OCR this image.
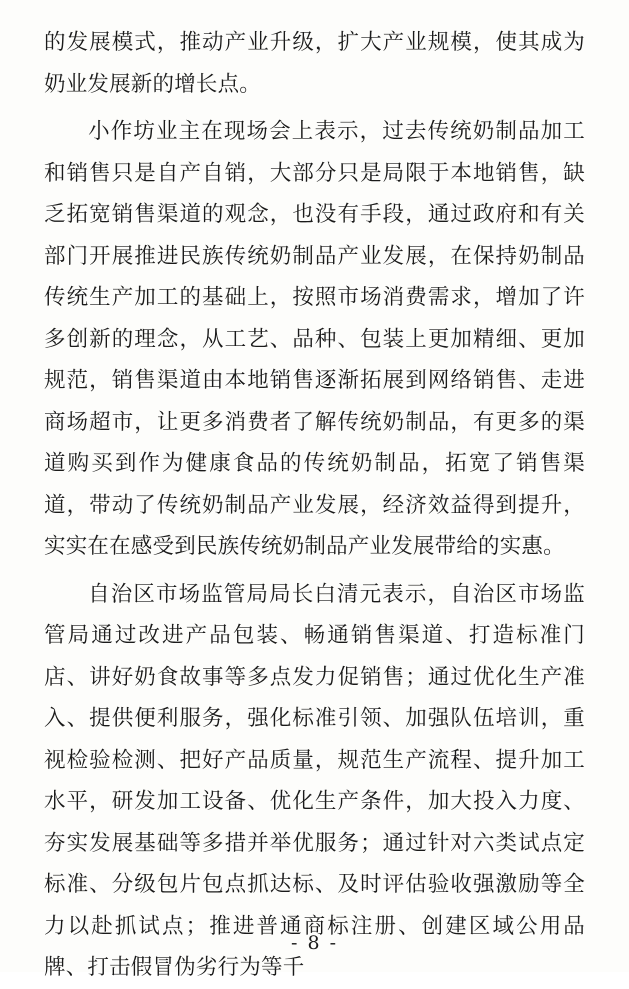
的发展模式，推动产业升级，扩大产业规模，使其成为奶业发展新的增长点。

小作坊业主在现场会上表示，过去传统奶制品加工和销售只是自产自销，大部分只是局限于本地销售，缺乏拓宽销售渠道的观念，也没有手段，通过政府和有关部门开展推进民族传统奶制品产业发展，在保持奶制品传统生产加工的基础上，按照市场消费需求，增加了许多创新的理念，从工艺、品种、包装上更加精细、更加规范，销售渠道由本地销售逐渐拓展到网络销售、走进商场超市，让更多消费者了解传统奶制品，有更多的渠道购买到作为健康食品的传统奶制品，拓宽了销售渠道，带动了传统奶制品产业发展，经济效益得到提升，实实在在感受到民族传统奶制品产业发展带给的实惠。

自治区市场监管局局长白清元表示，自治区市场监管局通过改进产品包装、畅通销售渠道、打造标准门店、讲好奶食故事等多点发力促销售；通过优化生产准入、提供便利服务，强化标准引领、加强队伍培训，重视检验检测、把好产品质量，规范生产流程、提升加工水平，研发加工设备、优化生产条件，加大投入力度、夯实发展基础等多措并举优服务；通过针对六类试点定标准、分级包片包点抓达标、及时评估验收强激励等全力以赴抓试点；推进普通商标注册、创建区域公用品牌、打击假冒伪劣行为等千

- 8 -
